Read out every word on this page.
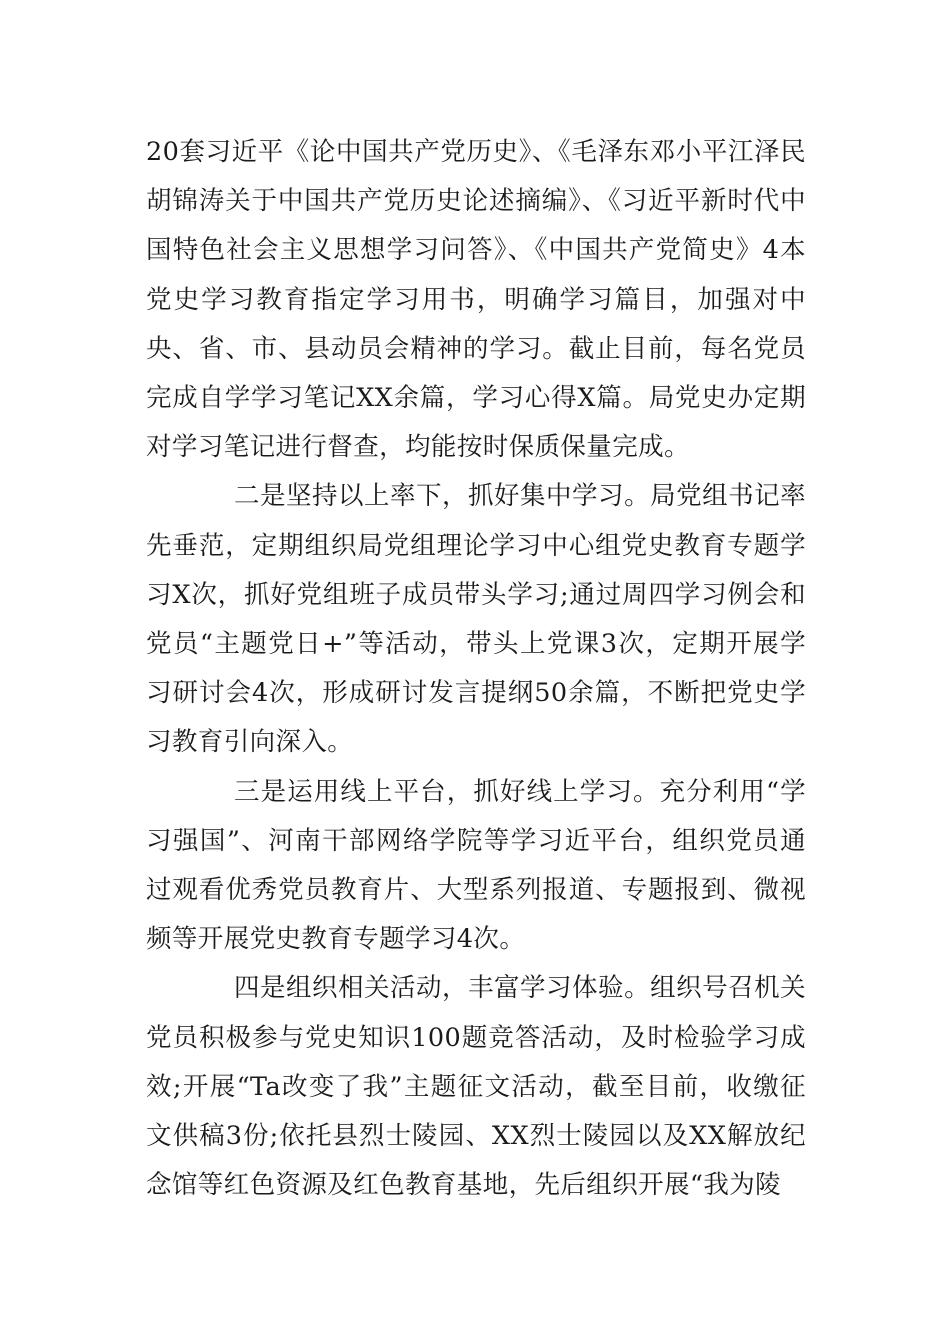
20套习近平《论中国共产党历史》、《毛泽东邓小平江泽民胡锦涛关于中国共产党历史论述摘编》、《习近平新时代中国特色社会主义思想学习问答》、《中国共产党简史》4本党史学习教育指定学习用书，明确学习篇目，加强对中央、省、市、县动员会精神的学习。截止目前，每名党员完成自学学习笔记XX余篇，学习心得X篇。局党史办定期对学习笔记进行督查，均能按时保质保量完成。

二是坚持以上率下，抓好集中学习。局党组书记率先垂范，定期组织局党组理论学习中心组党史教育专题学习X次，抓好党组班子成员带头学习;通过周四学习例会和党员“主题党日+”等活动，带头上党课3次，定期开展学习研讨会4次，形成研讨发言提纲50余篇，不断把党史学习教育引向深入。

三是运用线上平台，抓好线上学习。充分利用“学习强国”、河南干部网络学院等学习近平台，组织党员通过观看优秀党员教育片、大型系列报道、专题报到、微视频等开展党史教育专题学习4次。

四是组织相关活动，丰富学习体验。组织号召机关党员积极参与党史知识100题竞答活动，及时检验学习成效;开展“Ta改变了我”主题征文活动，截至目前，收缴征文供稿3份;依托县烈士陵园、XX烈士陵园以及XX解放纪念馆等红色资源及红色教育基地，先后组织开展“我为陵
